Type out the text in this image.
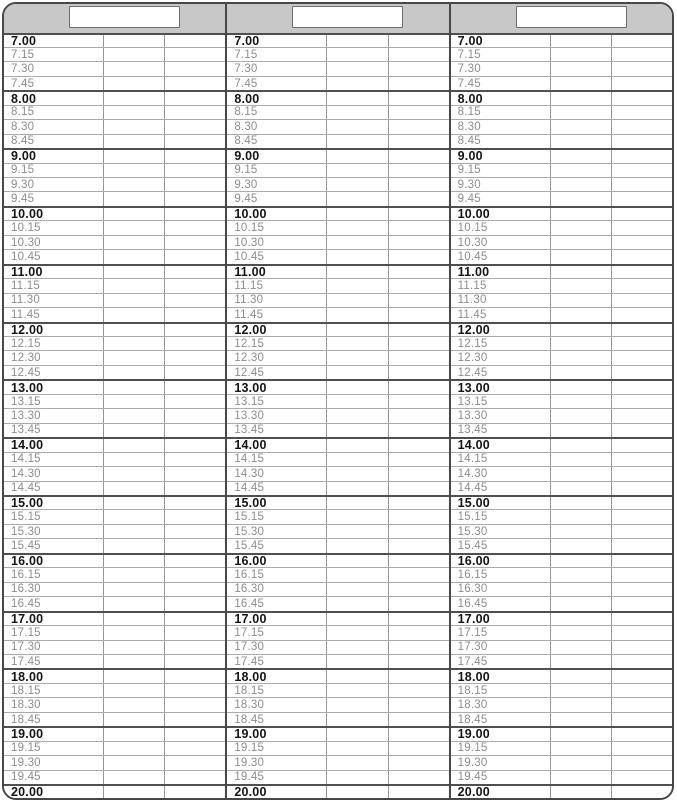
7.00
7.15
7.30
7.45
8.00
8.15
8.30
8.45
9.00
9.15
9.30
9.45
10.00
10.15
10.30
10.45
11.00
11.15
11.30
11.45
12.00
12.15
12.30
12.45
13.00
13.15
13.30
13.45
14.00
14.15
14.30
14.45
15.00
15.15
15.30
15.45
16.00
16.15
16.30
16.45
17.00
17.15
17.30
17.45
18.00
18.15
18.30
18.45
19.00
19.15
19.30
19.45
20.00
7.00
7.15
7.30
7.45
8.00
8.15
8.30
8.45
9.00
9.15
9.30
9.45
10.00
10.15
10.30
10.45
11.00
11.15
11.30
11.45
12.00
12.15
12.30
12.45
13.00
13.15
13.30
13.45
14.00
14.15
14.30
14.45
15.00
15.15
15.30
15.45
16.00
16.15
16.30
16.45
17.00
17.15
17.30
17.45
18.00
18.15
18.30
18.45
19.00
19.15
19.30
19.45
20.00
7.00
7.15
7.30
7.45
8.00
8.15
8.30
8.45
9.00
9.15
9.30
9.45
10.00
10.15
10.30
10.45
11.00
11.15
11.30
11.45
12.00
12.15
12.30
12.45
13.00
13.15
13.30
13.45
14.00
14.15
14.30
14.45
15.00
15.15
15.30
15.45
16.00
16.15
16.30
16.45
17.00
17.15
17.30
17.45
18.00
18.15
18.30
18.45
19.00
19.15
19.30
19.45
20.00
